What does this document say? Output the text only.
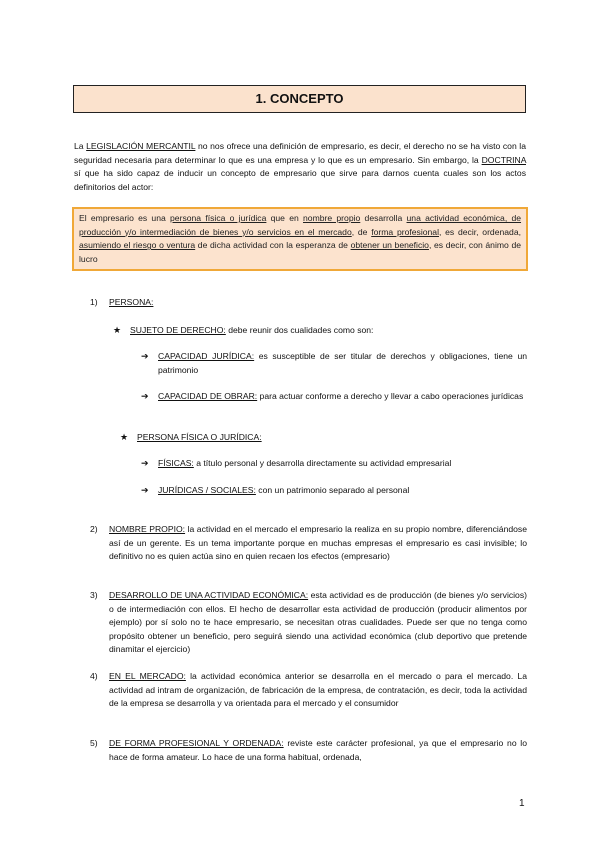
1. CONCEPTO
La LEGISLACIÓN MERCANTIL no nos ofrece una definición de empresario, es decir, el derecho no se ha visto con la seguridad necesaria para determinar lo que es una empresa y lo que es un empresario. Sin embargo, la DOCTRINA sí que ha sido capaz de inducir un concepto de empresario que sirve para darnos cuenta cuales son los actos definitorios del actor:
El empresario es una persona física o jurídica que en nombre propio desarrolla una actividad económica, de producción y/o intermediación de bienes y/o servicios en el mercado, de forma profesional, es decir, ordenada, asumiendo el riesgo o ventura de dicha actividad con la esperanza de obtener un beneficio, es decir, con ánimo de lucro
1) PERSONA:
★ SUJETO DE DERECHO: debe reunir dos cualidades como son:
➔ CAPACIDAD JURÍDICA: es susceptible de ser titular de derechos y obligaciones, tiene un patrimonio
➔ CAPACIDAD DE OBRAR: para actuar conforme a derecho y llevar a cabo operaciones jurídicas
★ PERSONA FÍSICA O JURÍDICA:
➔ FÍSICAS: a título personal y desarrolla directamente su actividad empresarial
➔ JURÍDICAS / SOCIALES: con un patrimonio separado al personal
2) NOMBRE PROPIO: la actividad en el mercado el empresario la realiza en su propio nombre, diferenciándose así de un gerente. Es un tema importante porque en muchas empresas el empresario es casi invisible; lo definitivo no es quien actúa sino en quien recaen los efectos (empresario)
3) DESARROLLO DE UNA ACTIVIDAD ECONÓMICA: esta actividad es de producción (de bienes y/o servicios) o de intermediación con ellos. El hecho de desarrollar esta actividad de producción (producir alimentos por ejemplo) por sí solo no te hace empresario, se necesitan otras cualidades. Puede ser que no tenga como propósito obtener un beneficio, pero seguirá siendo una actividad económica (club deportivo que pretende dinamitar el ejercicio)
4) EN EL MERCADO: la actividad económica anterior se desarrolla en el mercado o para el mercado. La actividad ad intram de organización, de fabricación de la empresa, de contratación, es decir, toda la actividad de la empresa se desarrolla y va orientada para el mercado y el consumidor
5) DE FORMA PROFESIONAL Y ORDENADA: reviste este carácter profesional, ya que el empresario no lo hace de forma amateur. Lo hace de una forma habitual, ordenada,
1
